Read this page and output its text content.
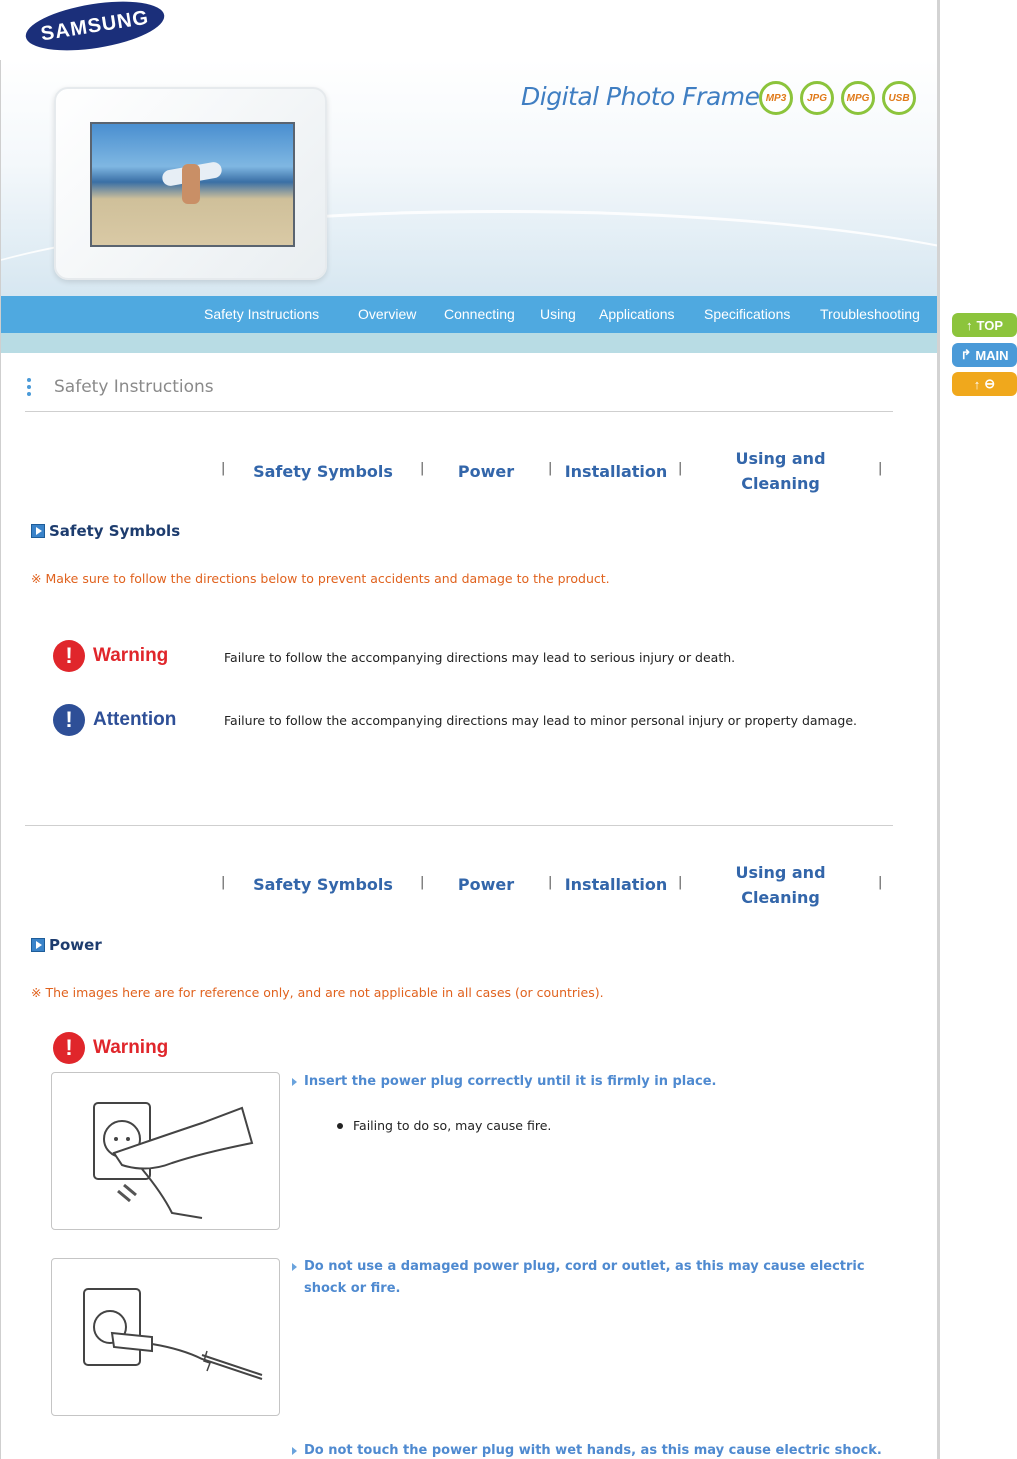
SAMSUNG
Digital Photo Frame MP3	JPG	MPG	USB
Safety Instructions	Overview Connecting Using Applications Specifications Troubleshooting
↑ TOP
↱ MAIN
↑ ⊖
Safety Instructions
|	Safety Symbols	|	Power	| Installation |
Using and Cleaning
|
Safety Symbols
※ Make sure to follow the directions below to prevent accidents and damage to the product.
!	Warning	Failure to follow the accompanying directions may lead to serious injury or death.
!	Attention	Failure to follow the accompanying directions may lead to minor personal injury or property damage.
|	Safety Symbols	|	Power	| Installation |
Using and Cleaning
|
Power
※ The images here are for reference only, and are not applicable in all cases (or countries).
!	Warning
Insert the power plug correctly until it is firmly in place.
Failing to do so, may cause fire.
Do not use a damaged power plug, cord or outlet, as this may cause electric shock or fire.
Do not touch the power plug with wet hands, as this may cause electric shock.
